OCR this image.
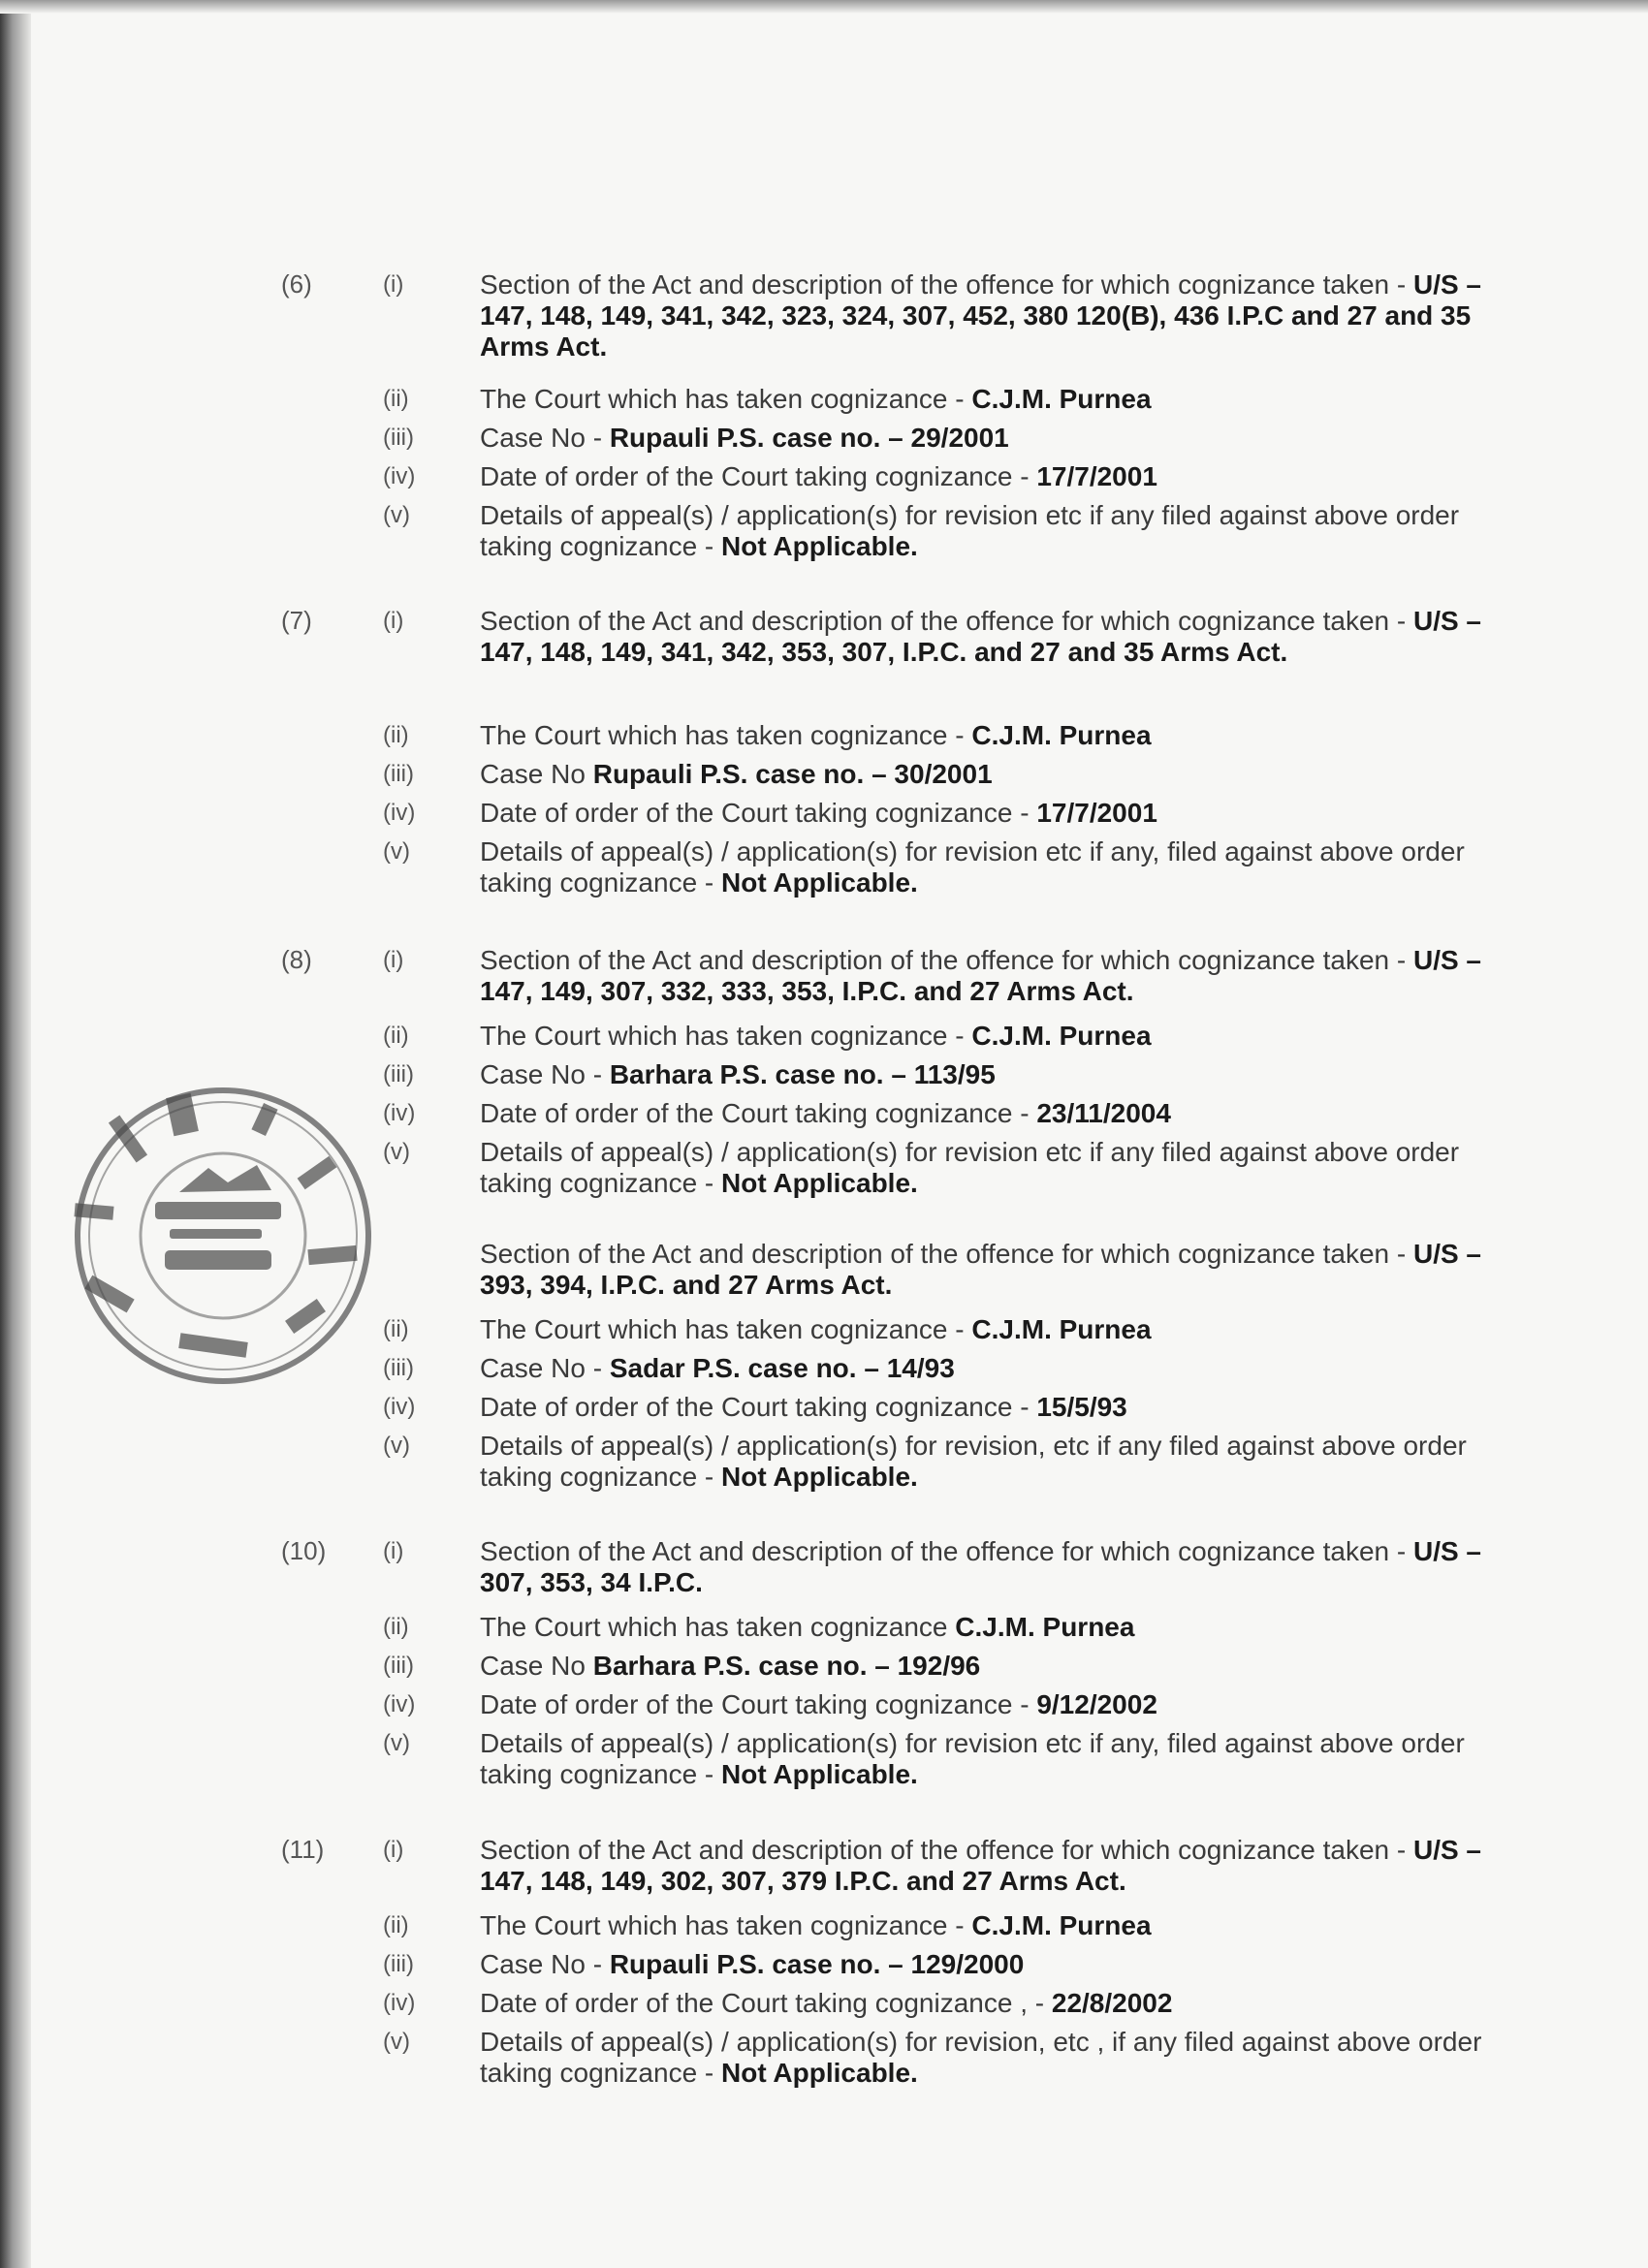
(6)	(i)	Section of the Act and description of the offence for which cognizance taken - U/S – 147, 148, 149, 341, 342, 323, 324, 307, 452, 380 120(B), 436 I.P.C and 27 and 35 Arms Act.
(ii)	The Court which has taken cognizance - C.J.M. Purnea
(iii) Case No - Rupauli P.S. case no. – 29/2001
(iv) Date of order of the Court taking cognizance - 17/7/2001
(v)	Details of appeal(s) / application(s) for revision etc if any filed against above order taking cognizance - Not Applicable.
(7)	(i)	Section of the Act and description of the offence for which cognizance taken - U/S – 147, 148, 149, 341, 342, 353, 307, I.P.C. and 27 and 35 Arms Act.
(ii)	The Court which has taken cognizance - C.J.M. Purnea
(iii) Case No Rupauli P.S. case no. – 30/2001
(iv) Date of order of the Court taking cognizance - 17/7/2001
(v)	Details of appeal(s) / application(s) for revision etc if any, filed against above order taking cognizance - Not Applicable.
(8)	(i)	Section of the Act and description of the offence for which cognizance taken - U/S – 147, 149, 307, 332, 333, 353, I.P.C. and 27 Arms Act.
(ii)	The Court which has taken cognizance - C.J.M. Purnea
(iii) Case No - Barhara P.S. case no. – 113/95
(iv) Date of order of the Court taking cognizance - 23/11/2004
(v)	Details of appeal(s) / application(s) for revision etc if any filed against above order taking cognizance - Not Applicable.
Section of the Act and description of the offence for which cognizance taken - U/S – 393, 394, I.P.C. and 27 Arms Act.
(ii)	The Court which has taken cognizance - C.J.M. Purnea
(iii) Case No - Sadar P.S. case no. – 14/93
(iv) Date of order of the Court taking cognizance - 15/5/93
(v)	Details of appeal(s) / application(s) for revision, etc if any filed against above order taking cognizance - Not Applicable.
(10) (i)	Section of the Act and description of the offence for which cognizance taken - U/S – 307, 353, 34 I.P.C.
(ii)	The Court which has taken cognizance C.J.M. Purnea
(iii) Case No Barhara P.S. case no. – 192/96
(iv) Date of order of the Court taking cognizance - 9/12/2002
(v)	Details of appeal(s) / application(s) for revision etc if any, filed against above order taking cognizance - Not Applicable.
(11)	(i)	Section of the Act and description of the offence for which cognizance taken - U/S – 147, 148, 149, 302, 307, 379 I.P.C. and 27 Arms Act.
(ii)	The Court which has taken cognizance - C.J.M. Purnea
(iii) Case No - Rupauli P.S. case no. – 129/2000
(iv) Date of order of the Court taking cognizance , - 22/8/2002
(v)	Details of appeal(s) / application(s) for revision, etc , if any filed against above order taking cognizance - Not Applicable.
